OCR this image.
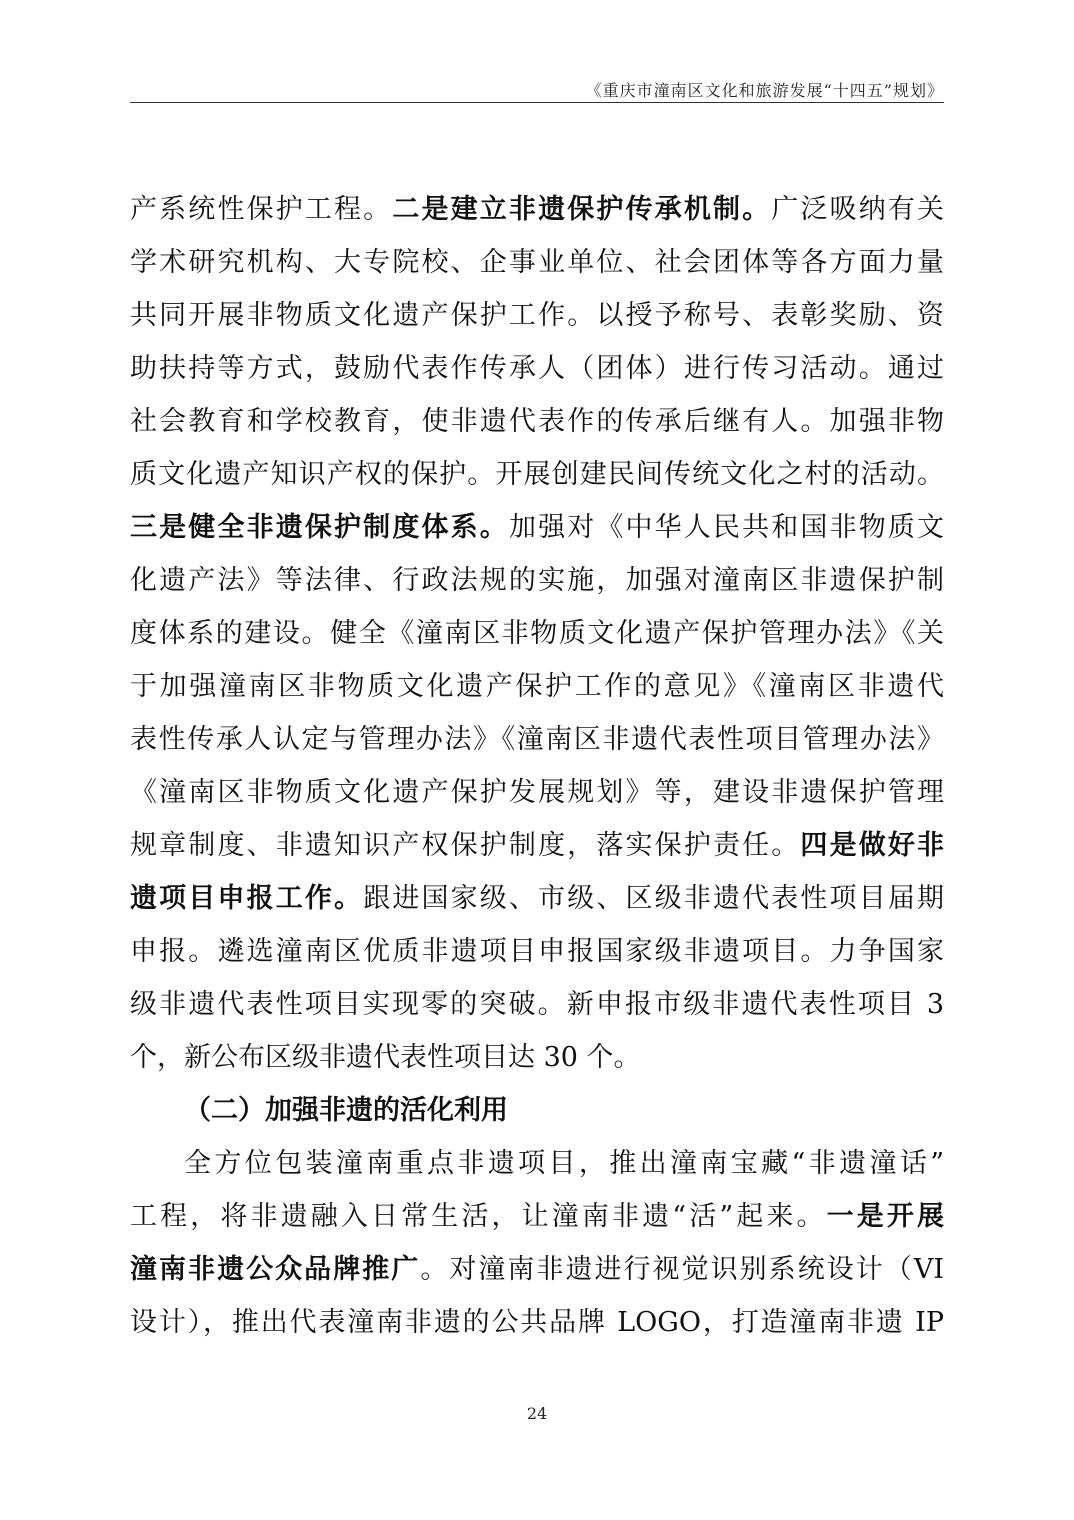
《重庆市潼南区文化和旅游发展“十四五”规划》
产系统性保护工程。二是建立非遗保护传承机制。广泛吸纳有关
学术研究机构、大专院校、企事业单位、社会团体等各方面力量
共同开展非物质文化遗产保护工作。以授予称号、表彰奖励、资
助扶持等方式，鼓励代表作传承人（团体）进行传习活动。通过
社会教育和学校教育，使非遗代表作的传承后继有人。加强非物
质文化遗产知识产权的保护。开展创建民间传统文化之村的活动。
三是健全非遗保护制度体系。加强对《中华人民共和国非物质文
化遗产法》等法律、行政法规的实施，加强对潼南区非遗保护制
度体系的建设。健全《潼南区非物质文化遗产保护管理办法》《关
于加强潼南区非物质文化遗产保护工作的意见》《潼南区非遗代
表性传承人认定与管理办法》《潼南区非遗代表性项目管理办法》
《潼南区非物质文化遗产保护发展规划》等，建设非遗保护管理
规章制度、非遗知识产权保护制度，落实保护责任。四是做好非
遗项目申报工作。跟进国家级、市级、区级非遗代表性项目届期
申报。遴选潼南区优质非遗项目申报国家级非遗项目。力争国家
级非遗代表性项目实现零的突破。新申报市级非遗代表性项目 3
个，新公布区级非遗代表性项目达 30 个。
（二）加强非遗的活化利用
全方位包装潼南重点非遗项目，推出潼南宝藏“非遗潼话”
工程，将非遗融入日常生活，让潼南非遗“活”起来。一是开展
潼南非遗公众品牌推广。对潼南非遗进行视觉识别系统设计（VI
设计），推出代表潼南非遗的公共品牌 LOGO，打造潼南非遗 IP
24
